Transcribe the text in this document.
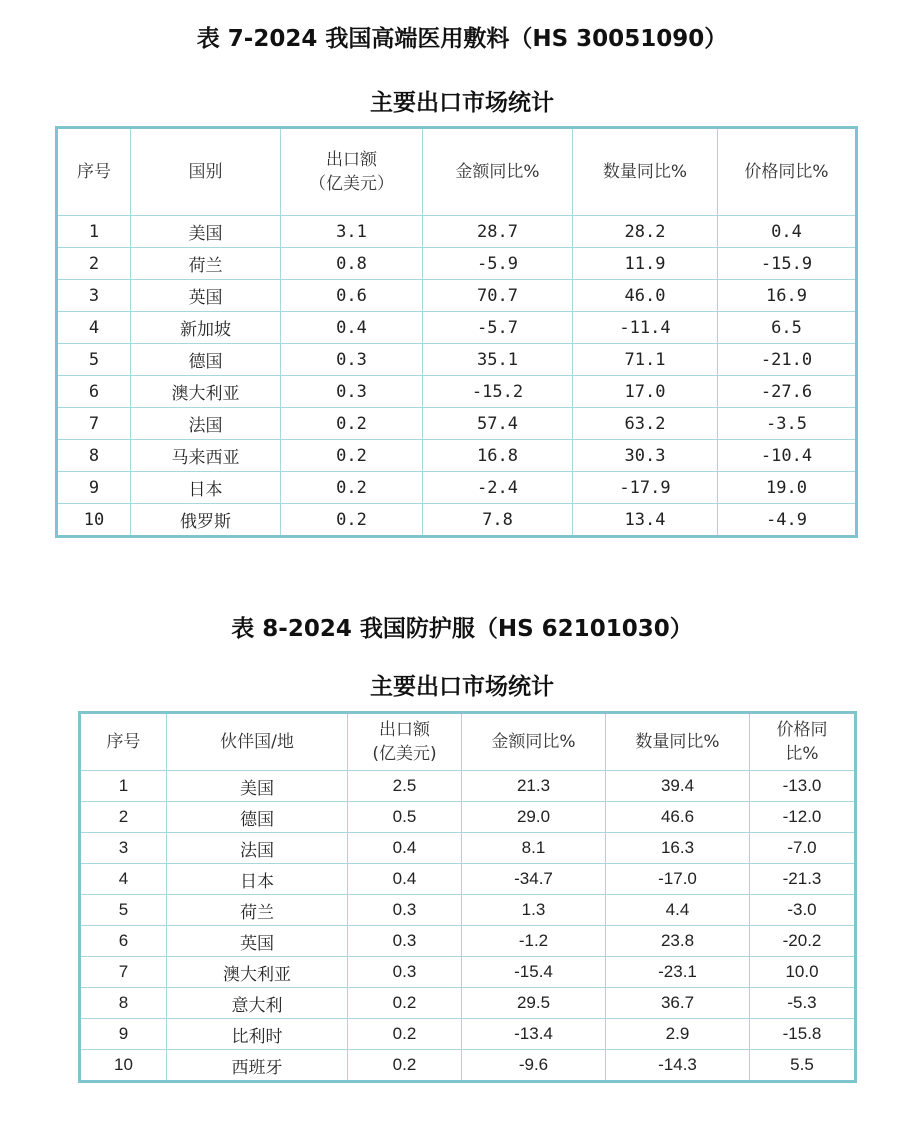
表 7-2024 我国高端医用敷料（HS 30051090）
主要出口市场统计
序号	国别	出口额
（亿美元）	金额同比%	数量同比%	价格同比%
1	美国	3.1	28.7	28.2	0.4
2	荷兰	0.8	-5.9	11.9	-15.9
3	英国	0.6	70.7	46.0	16.9
4	新加坡	0.4	-5.7	-11.4	6.5
5	德国	0.3	35.1	71.1	-21.0
6	澳大利亚	0.3	-15.2	17.0	-27.6
7	法国	0.2	57.4	63.2	-3.5
8	马来西亚	0.2	16.8	30.3	-10.4
9	日本	0.2	-2.4	-17.9	19.0
10	俄罗斯	0.2	7.8	13.4	-4.9
表 8-2024 我国防护服（HS 62101030）
主要出口市场统计
序号	伙伴国/地	出口额
(亿美元)	金额同比%	数量同比%	价格同
比%

1	美国	2.5	21.3	39.4	-13.0
2	德国	0.5	29.0	46.6	-12.0
3	法国	0.4	8.1	16.3	-7.0
4	日本	0.4	-34.7	-17.0	-21.3
5	荷兰	0.3	1.3	4.4	-3.0
6	英国	0.3	-1.2	23.8	-20.2
7	澳大利亚	0.3	-15.4	-23.1	10.0
8	意大利	0.2	29.5	36.7	-5.3
9	比利时	0.2	-13.4	2.9	-15.8
10	西班牙	0.2	-9.6	-14.3	5.5
